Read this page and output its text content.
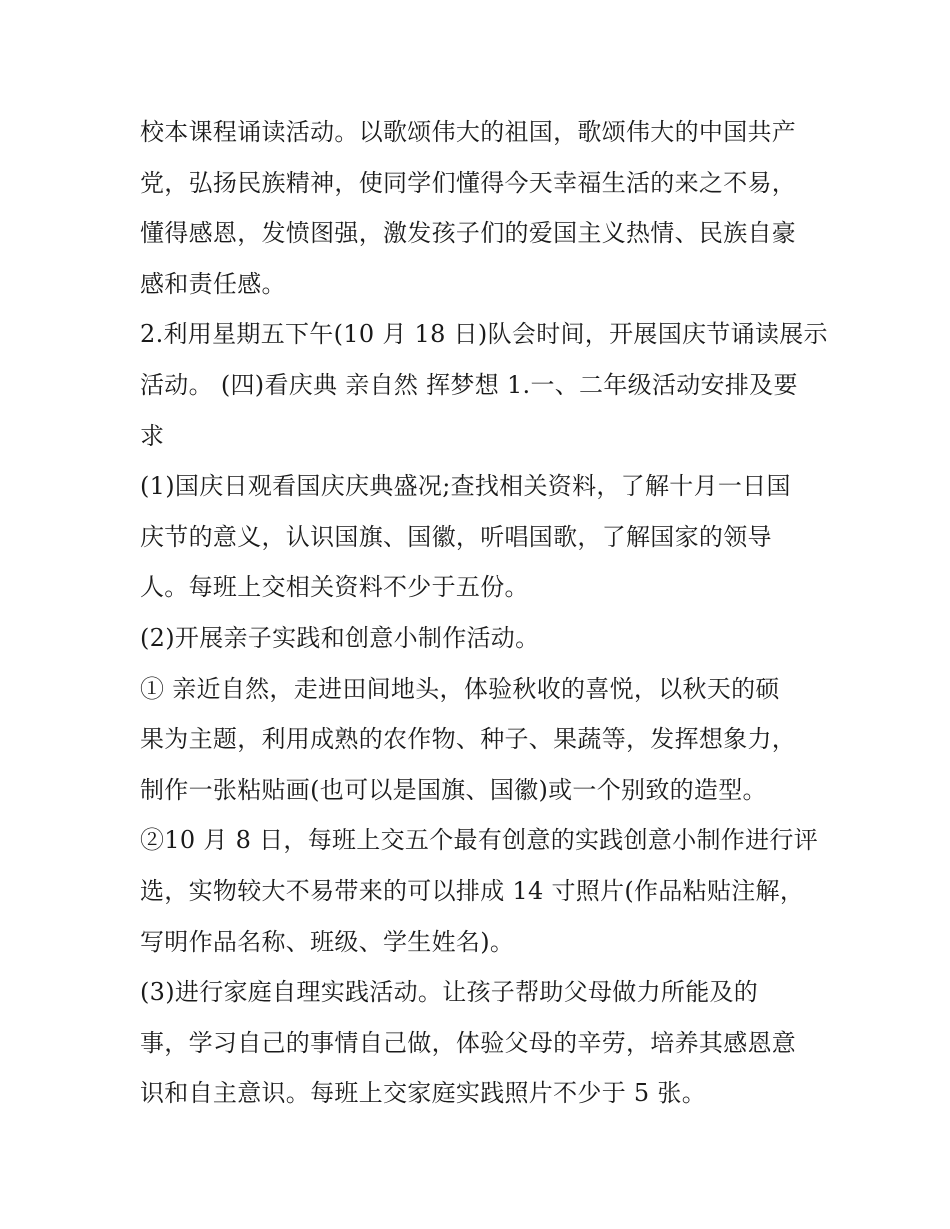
校本课程诵读活动。以歌颂伟大的祖国，歌颂伟大的中国共产
党，弘扬民族精神，使同学们懂得今天幸福生活的来之不易，
懂得感恩，发愤图强，激发孩子们的爱国主义热情、民族自豪
感和责任感。
2.利用星期五下午(10 月 18 日)队会时间，开展国庆节诵读展示
活动。 (四)看庆典 亲自然 挥梦想 1.一、二年级活动安排及要
求
(1)国庆日观看国庆庆典盛况;查找相关资料，了解十月一日国
庆节的意义，认识国旗、国徽，听唱国歌，了解国家的领导
人。每班上交相关资料不少于五份。
(2)开展亲子实践和创意小制作活动。
① 亲近自然，走进田间地头，体验秋收的喜悦，以秋天的硕
果为主题，利用成熟的农作物、种子、果蔬等，发挥想象力，
制作一张粘贴画(也可以是国旗、国徽)或一个别致的造型。
②10 月 8 日，每班上交五个最有创意的实践创意小制作进行评
选，实物较大不易带来的可以排成 14 寸照片(作品粘贴注解，
写明作品名称、班级、学生姓名)。
(3)进行家庭自理实践活动。让孩子帮助父母做力所能及的
事，学习自己的事情自己做，体验父母的辛劳，培养其感恩意
识和自主意识。每班上交家庭实践照片不少于 5 张。
